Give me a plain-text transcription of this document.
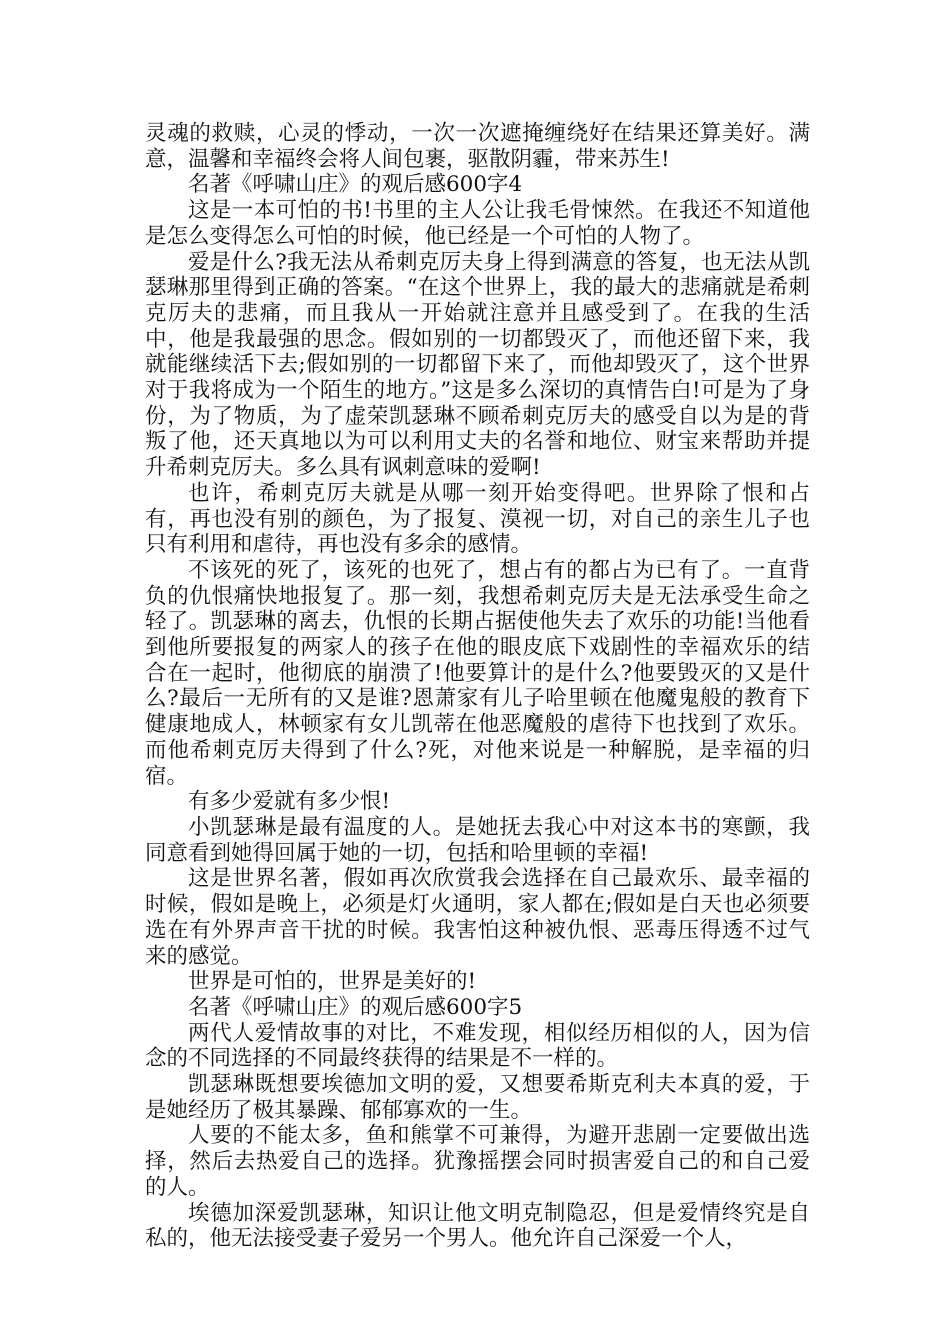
灵魂的救赎，心灵的悸动，一次一次遮掩缠绕好在结果还算美好。满意，温馨和幸福终会将人间包裹，驱散阴霾，带来苏生!

名著《呼啸山庄》的观后感600字4

这是一本可怕的书!书里的主人公让我毛骨悚然。在我还不知道他是怎么变得怎么可怕的时候，他已经是一个可怕的人物了。

爱是什么?我无法从希刺克厉夫身上得到满意的答复，也无法从凯瑟琳那里得到正确的答案。“在这个世界上，我的最大的悲痛就是希刺克厉夫的悲痛，而且我从一开始就注意并且感受到了。在我的生活中，他是我最强的思念。假如别的一切都毁灭了，而他还留下来，我就能继续活下去;假如别的一切都留下来了，而他却毁灭了，这个世界对于我将成为一个陌生的地方。”这是多么深切的真情告白!可是为了身份，为了物质，为了虚荣凯瑟琳不顾希刺克厉夫的感受自以为是的背叛了他，还天真地以为可以利用丈夫的名誉和地位、财宝来帮助并提升希刺克厉夫。多么具有讽刺意味的爱啊!

也许，希刺克厉夫就是从哪一刻开始变得吧。世界除了恨和占有，再也没有别的颜色，为了报复、漠视一切，对自己的亲生儿子也只有利用和虐待，再也没有多余的感情。

不该死的死了，该死的也死了，想占有的都占为已有了。一直背负的仇恨痛快地报复了。那一刻，我想希刺克厉夫是无法承受生命之轻了。凯瑟琳的离去，仇恨的长期占据使他失去了欢乐的功能!当他看到他所要报复的两家人的孩子在他的眼皮底下戏剧性的幸福欢乐的结合在一起时，他彻底的崩溃了!他要算计的是什么?他要毁灭的又是什么?最后一无所有的又是谁?恩萧家有儿子哈里顿在他魔鬼般的教育下健康地成人，林顿家有女儿凯蒂在他恶魔般的虐待下也找到了欢乐。而他希刺克厉夫得到了什么?死，对他来说是一种解脱，是幸福的归宿。

有多少爱就有多少恨!

小凯瑟琳是最有温度的人。是她抚去我心中对这本书的寒颤，我同意看到她得回属于她的一切，包括和哈里顿的幸福!

这是世界名著，假如再次欣赏我会选择在自己最欢乐、最幸福的时候，假如是晚上，必须是灯火通明，家人都在;假如是白天也必须要选在有外界声音干扰的时候。我害怕这种被仇恨、恶毒压得透不过气来的感觉。

世界是可怕的，世界是美好的!

名著《呼啸山庄》的观后感600字5

两代人爱情故事的对比，不难发现，相似经历相似的人，因为信念的不同选择的不同最终获得的结果是不一样的。

凯瑟琳既想要埃德加文明的爱，又想要希斯克利夫本真的爱，于是她经历了极其暴躁、郁郁寡欢的一生。

人要的不能太多，鱼和熊掌不可兼得，为避开悲剧一定要做出选择，然后去热爱自己的选择。犹豫摇摆会同时损害爱自己的和自己爱的人。

埃德加深爱凯瑟琳，知识让他文明克制隐忍，但是爱情终究是自私的，他无法接受妻子爱另一个男人。他允许自己深爱一个人，
